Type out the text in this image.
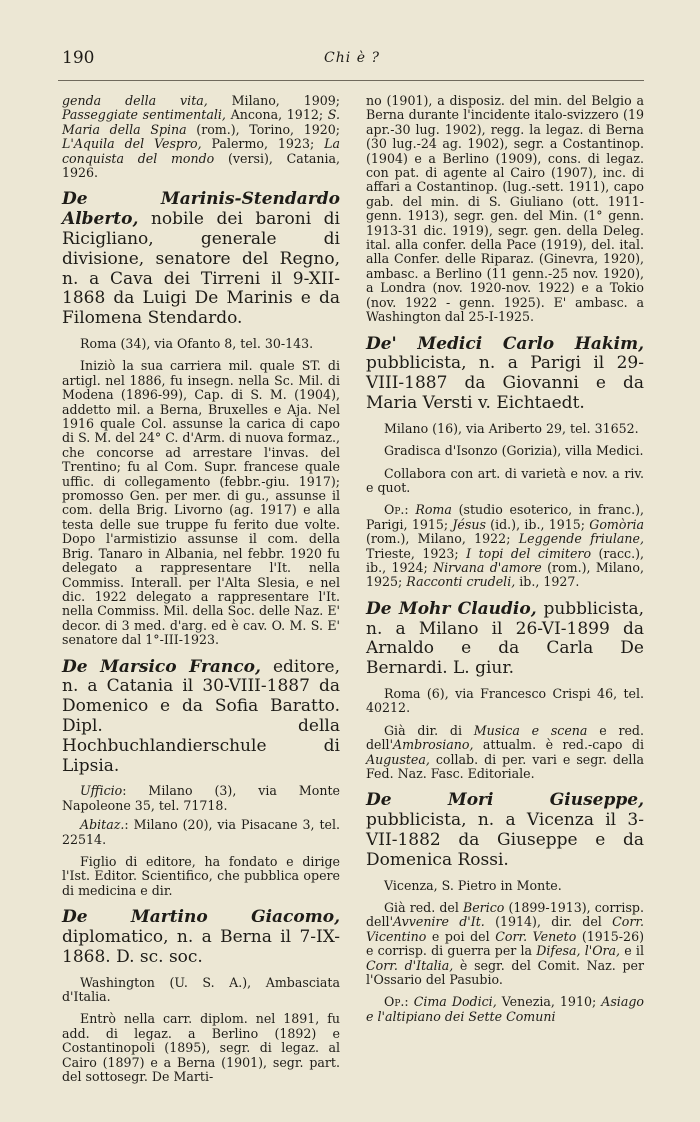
190	Chi è ?

genda della vita, Milano, 1909; Passeggiate sentimentali, Ancona, 1912; S. Maria della Spina (rom.), Torino, 1920; L'Aquila del Vespro, Palermo, 1923; La conquista del mondo (versi), Catania, 1926.

De Marinis-Stendardo Alberto, nobile dei baroni di Ricigliano, generale di divisione, senatore del Regno, n. a Cava dei Tirreni il 9-XII-1868 da Luigi De Marinis e da Filomena Stendardo.

Roma (34), via Ofanto 8, tel. 30-143.

Iniziò la sua carriera mil. quale ST. di artigl. nel 1886, fu insegn. nella Sc. Mil. di Modena (1896-99), Cap. di S. M. (1904), addetto mil. a Berna, Bruxelles e Aja. Nel 1916 quale Col. assunse la carica di capo di S. M. del 24° C. d'Arm. di nuova formaz., che concorse ad arrestare l'invas. del Trentino; fu al Com. Supr. francese quale uffic. di collegamento (febbr.-giu. 1917); promosso Gen. per mer. di gu., assunse il com. della Brig. Livorno (ag. 1917) e alla testa delle sue truppe fu ferito due volte. Dopo l'armistizio assunse il com. della Brig. Tanaro in Albania, nel febbr. 1920 fu delegato a rappresentare l'It. nella Commiss. Interall. per l'Alta Slesia, e nel dic. 1922 delegato a rappresentare l'It. nella Commiss. Mil. della Soc. delle Naz. E' decor. di 3 med. d'arg. ed è cav. O. M. S. E' senatore dal 1°-III-1923.

De Marsico Franco, editore, n. a Catania il 30-VIII-1887 da Domenico e da Sofia Baratto. Dipl. della Hochbuchlandierschule di Lipsia.

Ufficio: Milano (3), via Monte Napoleone 35, tel. 71718.

Abitaz.: Milano (20), via Pisacane 3, tel. 22514.

Figlio di editore, ha fondato e dirige l'Ist. Editor. Scientifico, che pubblica opere di medicina e dir.

De Martino Giacomo, diplomatico, n. a Berna il 7-IX-1868. D. sc. soc.

Washington (U. S. A.), Ambasciata d'Italia.

Entrò nella carr. diplom. nel 1891, fu add. di legaz. a Berlino (1892) e Costantinopoli (1895), segr. di legaz. al Cairo (1897) e a Berna (1901), segr. part. del sottosegr. De Marti-

no (1901), a disposiz. del min. del Belgio a Berna durante l'incidente italo-svizzero (19 apr.-30 lug. 1902), regg. la legaz. di Berna (30 lug.-24 ag. 1902), segr. a Costantinop. (1904) e a Berlino (1909), cons. di legaz. con pat. di agente al Cairo (1907), inc. di affari a Costantinop. (lug.-sett. 1911), capo gab. del min. di S. Giuliano (ott. 1911-genn. 1913), segr. gen. del Min. (1° genn. 1913-31 dic. 1919), segr. gen. della Deleg. ital. alla confer. della Pace (1919), del. ital. alla Confer. delle Riparaz. (Ginevra, 1920), ambasc. a Berlino (11 genn.-25 nov. 1920), a Londra (nov. 1920-nov. 1922) e a Tokio (nov. 1922 - genn. 1925). E' ambasc. a Washington dal 25-I-1925.

De' Medici Carlo Hakim, pubblicista, n. a Parigi il 29-VIII-1887 da Giovanni e da Maria Versti v. Eichtaedt.

Milano (16), via Ariberto 29, tel. 31652.

Gradisca d'Isonzo (Gorizia), villa Medici.

Collabora con art. di varietà e nov. a riv. e quot.

Op.: Roma (studio esoterico, in franc.), Parigi, 1915; Jésus (id.), ib., 1915; Gomòria (rom.), Milano, 1922; Leggende friulane, Trieste, 1923; I topi del cimitero (racc.), ib., 1924; Nirvana d'amore (rom.), Milano, 1925; Racconti crudeli, ib., 1927.

De Mohr Claudio, pubblicista, n. a Milano il 26-VI-1899 da Arnaldo e da Carla De Bernardi. L. giur.

Roma (6), via Francesco Crispi 46, tel. 40212.

Già dir. di Musica e scena e red. dell'Ambrosiano, attualm. è red.-capo di Augustea, collab. di per. vari e segr. della Fed. Naz. Fasc. Editoriale.

De Mori Giuseppe, pubblicista, n. a Vicenza il 3-VII-1882 da Giuseppe e da Domenica Rossi.

Vicenza, S. Pietro in Monte.

Già red. del Berico (1899-1913), corrisp. dell'Avvenire d'It. (1914), dir. del Corr. Vicentino e poi del Corr. Veneto (1915-26) e corrisp. di guerra per la Difesa, l'Ora, e il Corr. d'Italia, è segr. del Comit. Naz. per l'Ossario del Pasubio.

Op.: Cima Dodici, Venezia, 1910; Asiago e l'altipiano dei Sette Comuni
